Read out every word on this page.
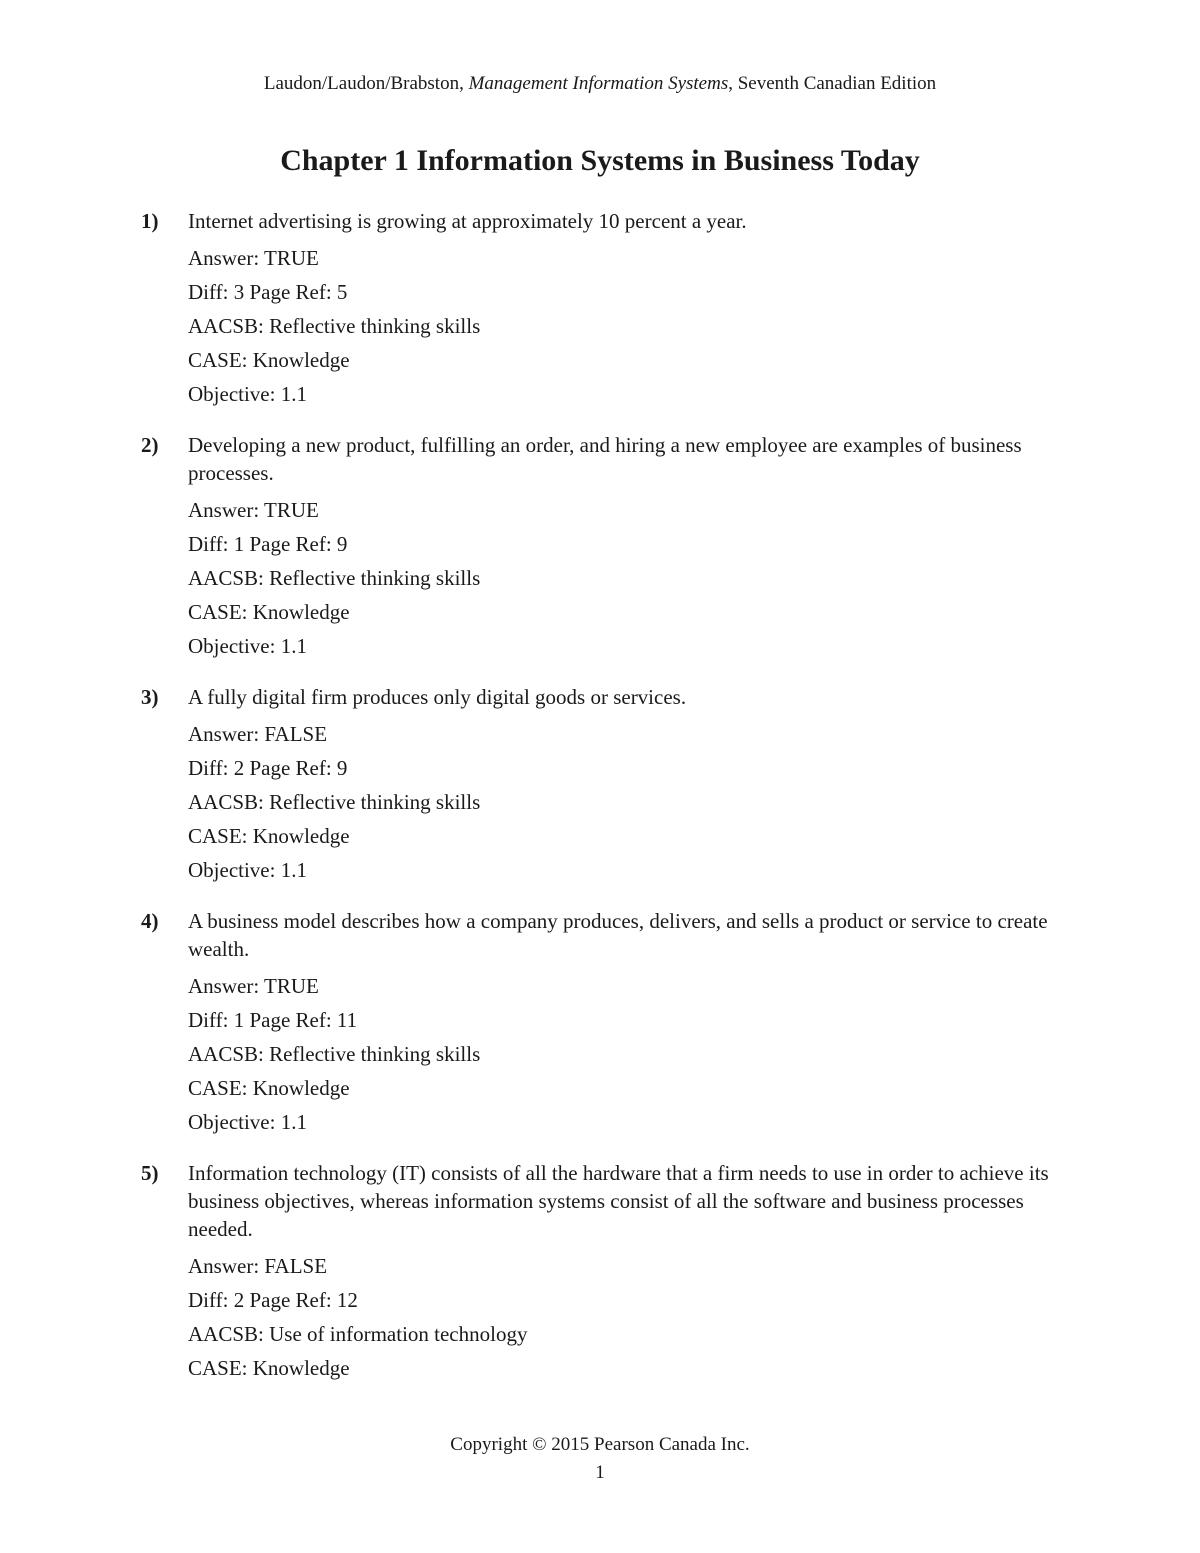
Laudon/Laudon/Brabston, Management Information Systems, Seventh Canadian Edition
Chapter 1 Information Systems in Business Today
1)	Internet advertising is growing at approximately 10 percent a year.
Answer: TRUE
Diff: 3 Page Ref: 5
AACSB: Reflective thinking skills
CASE: Knowledge
Objective: 1.1
2)	Developing a new product, fulfilling an order, and hiring a new employee are examples of business processes.
Answer: TRUE
Diff: 1 Page Ref: 9
AACSB: Reflective thinking skills
CASE: Knowledge
Objective: 1.1
3)	A fully digital firm produces only digital goods or services.
Answer: FALSE
Diff: 2 Page Ref: 9
AACSB: Reflective thinking skills
CASE: Knowledge
Objective: 1.1
4)	A business model describes how a company produces, delivers, and sells a product or service to create wealth.
Answer: TRUE
Diff: 1 Page Ref: 11
AACSB: Reflective thinking skills
CASE: Knowledge
Objective: 1.1
5)	Information technology (IT) consists of all the hardware that a firm needs to use in order to achieve its business objectives, whereas information systems consist of all the software and business processes needed.
Answer: FALSE
Diff: 2 Page Ref: 12
AACSB: Use of information technology
CASE: Knowledge
Copyright © 2015 Pearson Canada Inc.
1
